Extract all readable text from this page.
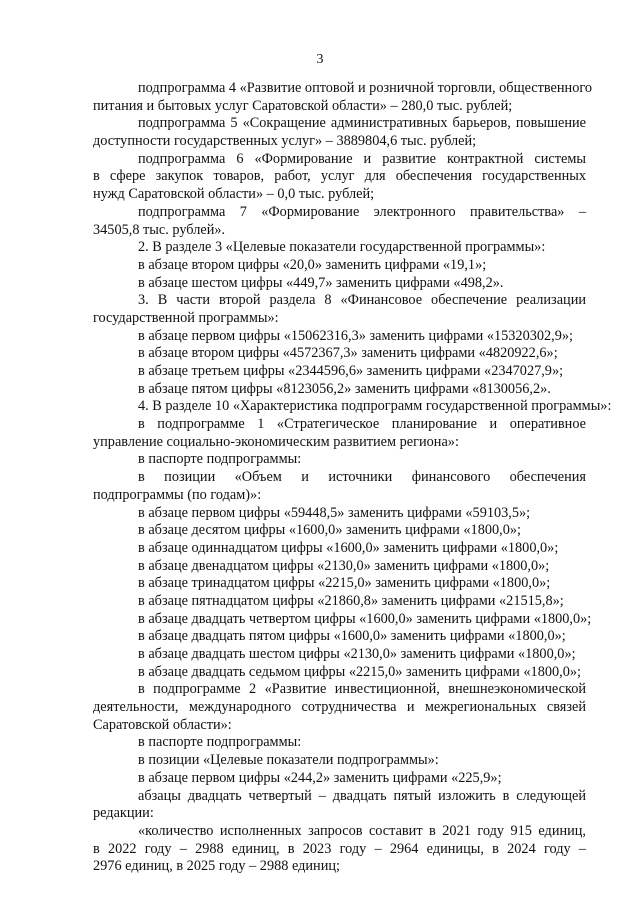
3
подпрограмма 4 «Развитие оптовой и розничной торговли, общественного
питания и бытовых услуг Саратовской области» – 280,0 тыс. рублей;
подпрограмма 5 «Сокращение административных барьеров, повышение
доступности государственных услуг» – 3889804,6 тыс. рублей;
подпрограмма 6 «Формирование и развитие контрактной системы
в сфере закупок товаров, работ, услуг для обеспечения государственных
нужд Саратовской области» – 0,0 тыс. рублей;
подпрограмма 7 «Формирование электронного правительства» –
34505,8 тыс. рублей».
2. В разделе 3 «Целевые показатели государственной программы»:
в абзаце втором цифры «20,0» заменить цифрами «19,1»;
в абзаце шестом цифры «449,7» заменить цифрами «498,2».
3. В части второй раздела 8 «Финансовое обеспечение реализации
государственной программы»:
в абзаце первом цифры «15062316,3» заменить цифрами «15320302,9»;
в абзаце втором цифры «4572367,3» заменить цифрами «4820922,6»;
в абзаце третьем цифры «2344596,6» заменить цифрами «2347027,9»;
в абзаце пятом цифры «8123056,2» заменить цифрами «8130056,2».
4. В разделе 10 «Характеристика подпрограмм государственной программы»:
в подпрограмме 1 «Стратегическое планирование и оперативное
управление социально-экономическим развитием региона»:
в паспорте подпрограммы:
в позиции «Объем и источники финансового обеспечения
подпрограммы (по годам)»:
в абзаце первом цифры «59448,5» заменить цифрами «59103,5»;
в абзаце десятом цифры «1600,0» заменить цифрами «1800,0»;
в абзаце одиннадцатом цифры «1600,0» заменить цифрами «1800,0»;
в абзаце двенадцатом цифры «2130,0» заменить цифрами «1800,0»;
в абзаце тринадцатом цифры «2215,0» заменить цифрами «1800,0»;
в абзаце пятнадцатом цифры «21860,8» заменить цифрами «21515,8»;
в абзаце двадцать четвертом цифры «1600,0» заменить цифрами «1800,0»;
в абзаце двадцать пятом цифры «1600,0» заменить цифрами «1800,0»;
в абзаце двадцать шестом цифры «2130,0» заменить цифрами «1800,0»;
в абзаце двадцать седьмом цифры «2215,0» заменить цифрами «1800,0»;
в подпрограмме 2 «Развитие инвестиционной, внешнеэкономической
деятельности, международного сотрудничества и межрегиональных связей
Саратовской области»:
в паспорте подпрограммы:
в позиции «Целевые показатели подпрограммы»:
в абзаце первом цифры «244,2» заменить цифрами «225,9»;
абзацы двадцать четвертый – двадцать пятый изложить в следующей
редакции:
«количество исполненных запросов составит в 2021 году 915 единиц,
в 2022 году – 2988 единиц, в 2023 году – 2964 единицы, в 2024 году –
2976 единиц, в 2025 году – 2988 единиц;
